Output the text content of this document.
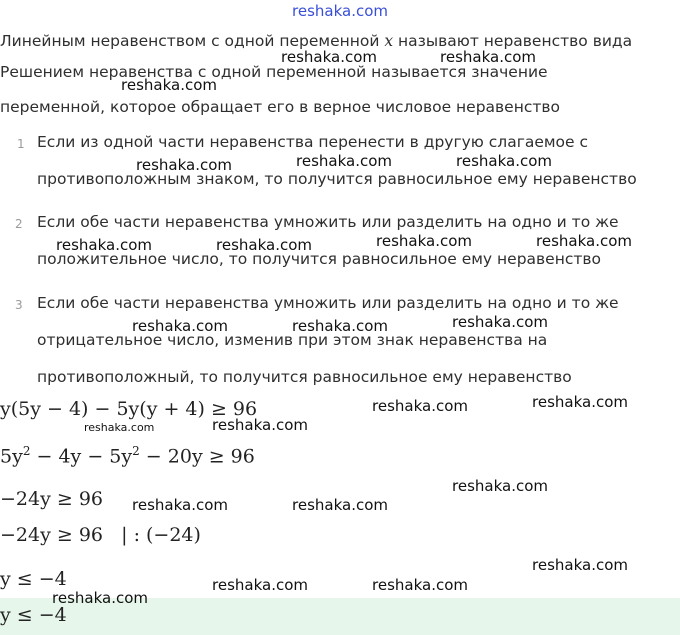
reshaka.com
Линейным неравенством с одной переменной x называют неравенство вида
Решением неравенства с одной переменной называется значение
переменной, которое обращает его в верное числовое неравенство
1 Если из одной части неравенства перенести в другую слагаемое с
противоположным знаком, то получится равносильное ему неравенство
2 Если обе части неравенства умножить или разделить на одно и то же
положительное число, то получится равносильное ему неравенство
3 Если обе части неравенства умножить или разделить на одно и то же
отрицательное число, изменив при этом знак неравенства на
противоположный, то получится равносильное ему неравенство
y(5y − 4) − 5y(y + 4) ≥ 96
$5y^2 - 4y - 5y^2 - 20y \ge 96$
−24y ≥ 96
−24y ≥ 96   | : (−24)
y ≤ −4
y ≤ −4
reshaka.com	reshaka.com
reshaka.com
reshaka.com	reshaka.com	reshaka.com
reshaka.com	reshaka.com	reshaka.com	reshaka.com
reshaka.com	reshaka.com	reshaka.com
reshaka.com	reshaka.com
reshaka.com	reshaka.com
reshaka.com
reshaka.com	reshaka.com
reshaka.com
reshaka.com	reshaka.com
reshaka.com
